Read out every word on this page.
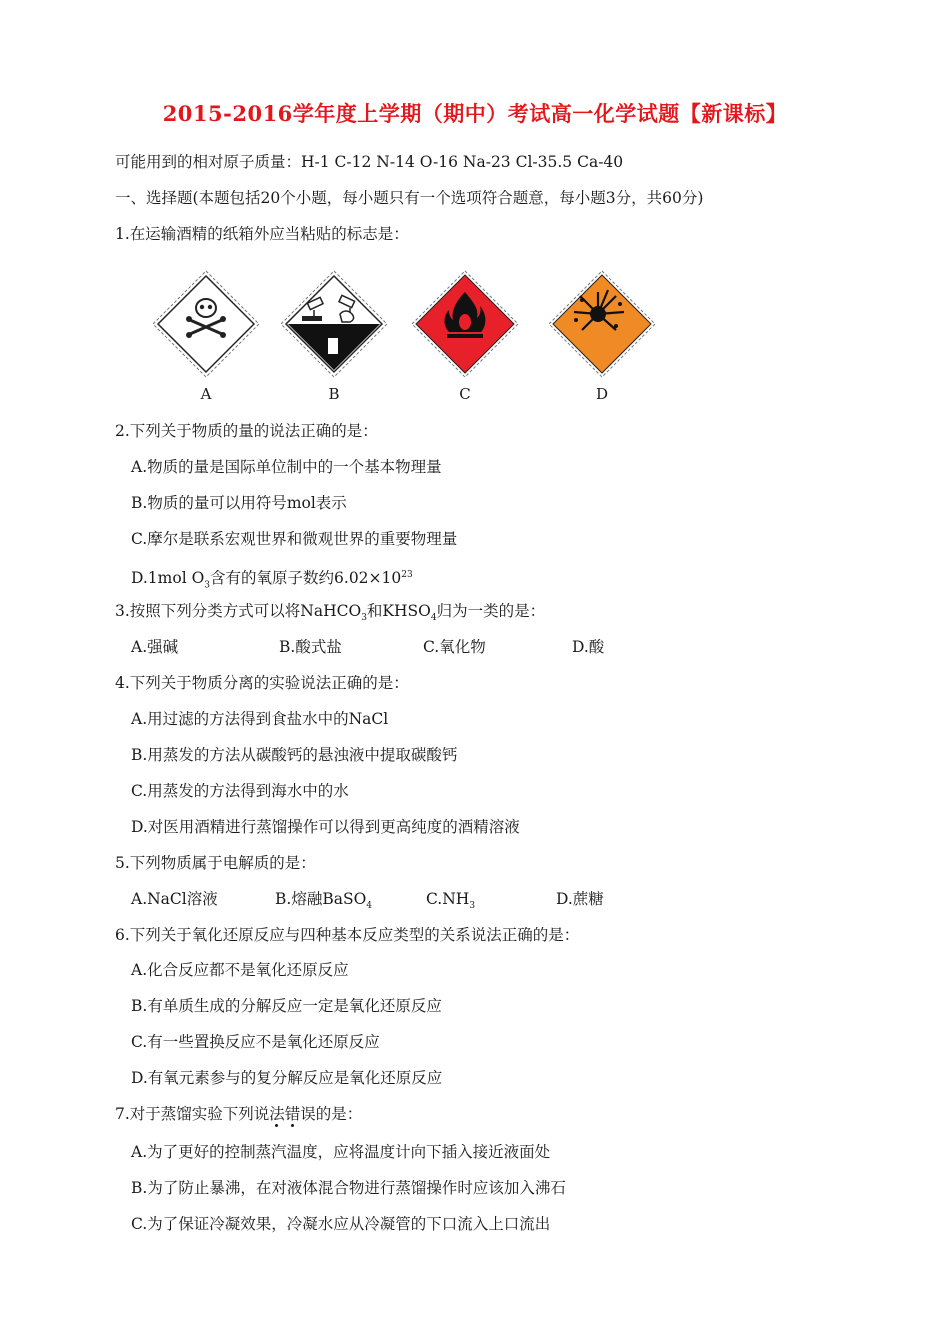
2015-2016学年度上学期（期中）考试高一化学试题【新课标】
可能用到的相对原子质量：H-1 C-12 N-14 O-16 Na-23 Cl-35.5 Ca-40
一、选择题(本题包括20个小题，每小题只有一个选项符合题意，每小题3分，共60分)
1.在运输酒精的纸箱外应当粘贴的标志是：
A	B	C	D
2.下列关于物质的量的说法正确的是：
A.物质的量是国际单位制中的一个基本物理量
B.物质的量可以用符号mol表示
C.摩尔是联系宏观世界和微观世界的重要物理量
D.1mol $O_3$含有的氧原子数约$6.02\times 10^{23}$
3.按照下列分类方式可以将NaHCO$_3$和$KHSO_4$归为一类的是：
A.强碱	B.酸式盐	C.氧化物	D.酸
4.下列关于物质分离的实验说法正确的是：
A.用过滤的方法得到食盐水中的NaCl
B.用蒸发的方法从碳酸钙的悬浊液中提取碳酸钙
C.用蒸发的方法得到海水中的水
D.对医用酒精进行蒸馏操作可以得到更高纯度的酒精溶液
5.下列物质属于电解质的是：
A.NaCl溶液	B.熔融BaSO$_4$	$C.NH_3$	D.蔗糖
6.下列关于氧化还原反应与四种基本反应类型的关系说法正确的是：
A.化合反应都不是氧化还原反应
B.有单质生成的分解反应一定是氧化还原反应
C.有一些置换反应不是氧化还原反应
D.有氧元素参与的复分解反应是氧化还原反应
7.对于蒸馏实验下列说法错误的是：
A.为了更好的控制蒸汽温度，应将温度计向下插入接近液面处
B.为了防止暴沸，在对液体混合物进行蒸馏操作时应该加入沸石
C.为了保证冷凝效果，冷凝水应从冷凝管的下口流入上口流出
